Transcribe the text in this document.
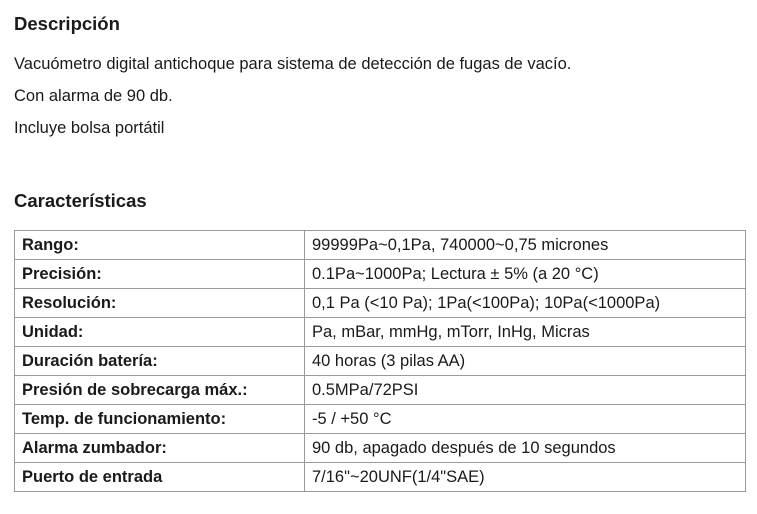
Descripción
Vacuómetro digital antichoque para sistema de detección de fugas de vacío.
Con alarma de 90 db.
Incluye bolsa portátil
Características
Rango:	99999Pa~0,1Pa, 740000~0,75 micrones
Precisión:	0.1Pa~1000Pa; Lectura ± 5% (a 20 °C)
Resolución:	0,1 Pa (<10 Pa); 1Pa(<100Pa); 10Pa(<1000Pa)
Unidad:	Pa, mBar, mmHg, mTorr, InHg, Micras
Duración batería:	40 horas (3 pilas AA)
Presión de sobrecarga máx.:	0.5MPa/72PSI
Temp. de funcionamiento:	-5 / +50 °C
Alarma zumbador:	90 db, apagado después de 10 segundos
Puerto de entrada	7/16"~20UNF(1/4"SAE)
